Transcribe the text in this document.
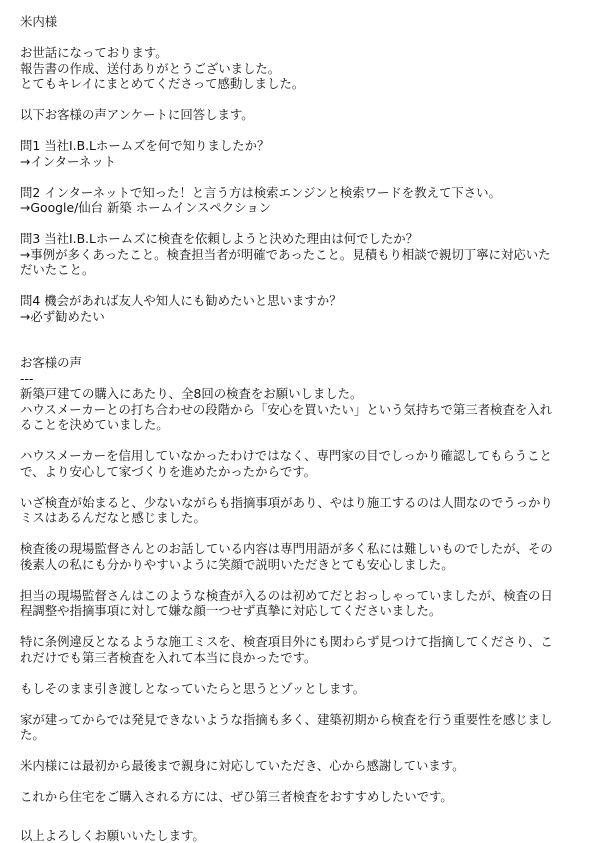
米内様
お世話になっております。
報告書の作成、送付ありがとうございました。
とてもキレイにまとめてくださって感動しました。
以下お客様の声アンケートに回答します。
問1 当社I.B.Lホームズを何で知りましたか？
→インターネット
問2 インターネットで知った！と言う方は検索エンジンと検索ワードを教えて下さい。
→Google/仙台 新築 ホームインスペクション
問3 当社I.B.Lホームズに検査を依頼しようと決めた理由は何でしたか？
→事例が多くあったこと。検査担当者が明確であったこと。見積もり相談で親切丁寧に対応いた
だいたこと。
問4 機会があれば友人や知人にも勧めたいと思いますか？
→必ず勧めたい
お客様の声
---
新築戸建ての購入にあたり、全8回の検査をお願いしました。
ハウスメーカーとの打ち合わせの段階から「安心を買いたい」という気持ちで第三者検査を入れ
ることを決めていました。
ハウスメーカーを信用していなかったわけではなく、専門家の目でしっかり確認してもらうこと
で、より安心して家づくりを進めたかったからです。
いざ検査が始まると、少ないながらも指摘事項があり、やはり施工するのは人間なのでうっかり
ミスはあるんだなと感じました。
検査後の現場監督さんとのお話している内容は専門用語が多く私には難しいものでしたが、その
後素人の私にも分かりやすいように笑顔で説明いただきとても安心しました。
担当の現場監督さんはこのような検査が入るのは初めてだとおっしゃっていましたが、検査の日
程調整や指摘事項に対して嫌な顔一つせず真摯に対応してくださいました。
特に条例違反となるような施工ミスを、検査項目外にも関わらず見つけて指摘してくださり、こ
れだけでも第三者検査を入れて本当に良かったです。
もしそのまま引き渡しとなっていたらと思うとゾッとします。
家が建ってからでは発見できないような指摘も多く、建築初期から検査を行う重要性を感じまし
た。
米内様には最初から最後まで親身に対応していただき、心から感謝しています。
これから住宅をご購入される方には、ぜひ第三者検査をおすすめしたいです。
以上よろしくお願いいたします。
